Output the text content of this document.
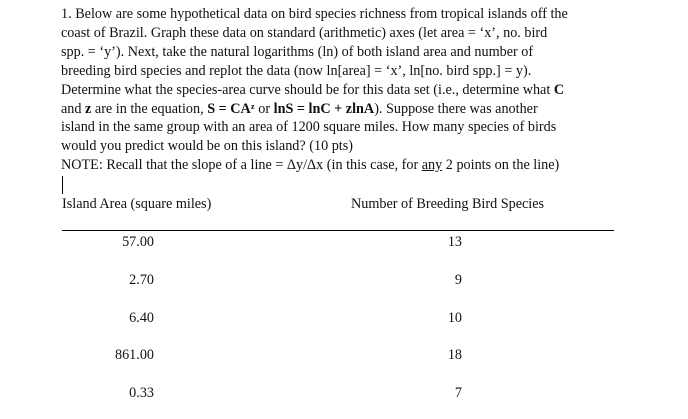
1. Below are some hypothetical data on bird species richness from tropical islands off the
coast of Brazil. Graph these data on standard (arithmetic) axes (let area = ‘x’, no. bird
spp. = ‘y’). Next, take the natural logarithms (ln) of both island area and number of
breeding bird species and replot the data (now ln[area] = ‘x’, ln[no. bird spp.] = y).
Determine what the species-area curve should be for this data set (i.e., determine what C
and z are in the equation, S = CAᶻ or lnS = lnC + zlnA). Suppose there was another
island in the same group with an area of 1200 square miles. How many species of birds
would you predict would be on this island? (10 pts)
NOTE: Recall that the slope of a line = Δy/Δx (in this case, for any 2 points on the line)
Island Area (square miles)	Number of Breeding Bird Species
57.00	13
2.70	9
6.40	10
861.00	18
0.33	7
